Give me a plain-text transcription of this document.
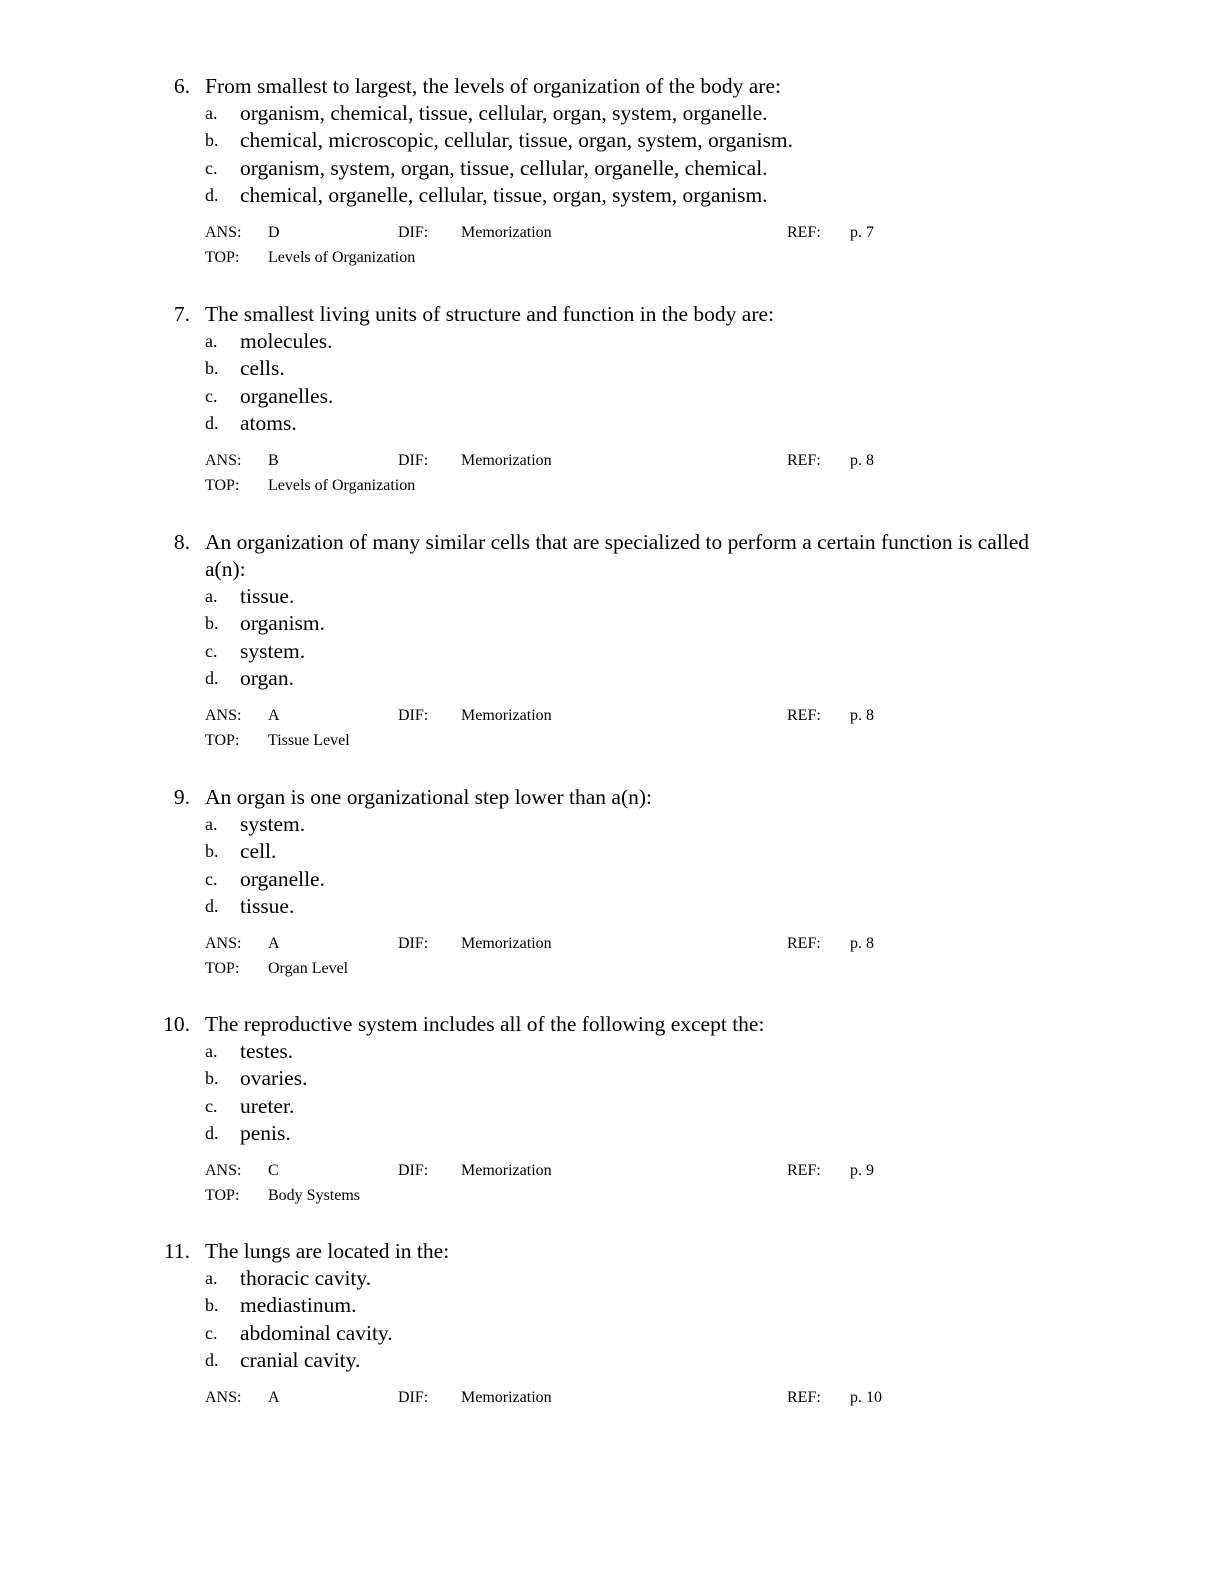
6. From smallest to largest, the levels of organization of the body are:
a. organism, chemical, tissue, cellular, organ, system, organelle.
b. chemical, microscopic, cellular, tissue, organ, system, organism.
c. organism, system, organ, tissue, cellular, organelle, chemical.
d. chemical, organelle, cellular, tissue, organ, system, organism.
ANS: D	DIF: Memorization	REF: p. 7
TOP: Levels of Organization
7. The smallest living units of structure and function in the body are:
a. molecules.
b. cells.
c. organelles.
d. atoms.
ANS: B	DIF: Memorization	REF: p. 8
TOP: Levels of Organization
8. An organization of many similar cells that are specialized to perform a certain function is called a(n):
a. tissue.
b. organism.
c. system.
d. organ.
ANS: A	DIF: Memorization	REF: p. 8
TOP: Tissue Level
9. An organ is one organizational step lower than a(n):
a. system.
b. cell.
c. organelle.
d. tissue.
ANS: A	DIF: Memorization	REF: p. 8
TOP: Organ Level
10. The reproductive system includes all of the following except the:
a. testes.
b. ovaries.
c. ureter.
d. penis.
ANS: C	DIF: Memorization	REF: p. 9
TOP: Body Systems
11. The lungs are located in the:
a. thoracic cavity.
b. mediastinum.
c. abdominal cavity.
d. cranial cavity.
ANS: A	DIF: Memorization	REF: p. 10
